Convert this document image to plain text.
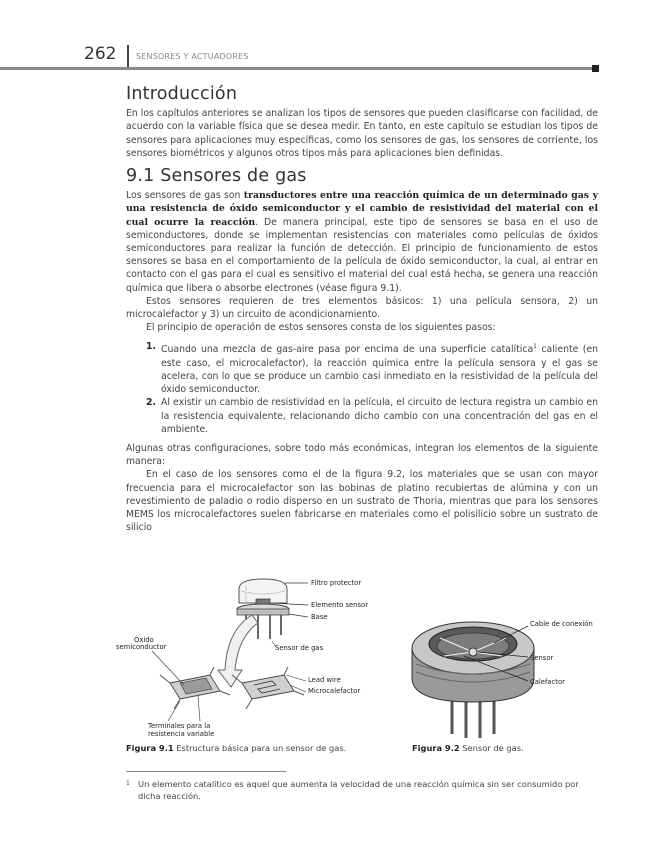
262 SENSORES Y ACTUADORES
Introducción

En los capítulos anteriores se analizan los tipos de sensores que pueden clasificarse con facilidad, de acuerdo con la variable física que se desea medir. En tanto, en este capítulo se estudian los tipos de sensores para aplicaciones muy específicas, como los sensores de gas, los sensores de corriente, los sensores biométricos y algunos otros tipos más para aplicaciones bien definidas.

9.1 Sensores de gas

Los sensores de gas son transductores entre una reacción química de un determinado gas y una resistencia de óxido semiconductor y el cambio de resistividad del material con el cual ocurre la reacción. De manera principal, este tipo de sensores se basa en el uso de semiconductores, donde se implementan resistencias con materiales como películas de óxidos semiconductores para realizar la función de detección. El principio de funcionamiento de estos sensores se basa en el comportamiento de la película de óxido semiconductor, la cual, al entrar en contacto con el gas para el cual es sensitivo el material del cual está hecha, se genera una reacción química que libera o absorbe electrones (véase figura 9.1).

Estos sensores requieren de tres elementos básicos: 1) una película sensora, 2) un microcalefactor y 3) un circuito de acondicionamiento.

El principio de operación de estos sensores consta de los siguientes pasos:

1. Cuando una mezcla de gas-aire pasa por encima de una superficie catalítica$^1$ caliente (en este caso, el microcalefactor), la reacción química entre la película sensora y el gas se acelera, con lo que se produce un cambio casi inmediato en la resistividad de la película del óxido semiconductor.
2. Al existir un cambio de resistividad en la película, el circuito de lectura registra un cambio en la resistencia equivalente, relacionando dicho cambio con una concentración del gas en el ambiente.

Algunas otras configuraciones, sobre todo más económicas, integran los elementos de la siguiente manera:

En el caso de los sensores como el de la figura 9.2, los materiales que se usan con mayor frecuencia para el microcalefactor son las bobinas de platino recubiertas de alúmina y con un revestimiento de paladio o rodio disperso en un sustrato de Thoria, mientras que para los sensores MEMS los microcalefactores suelen fabricarse en materiales como el polisilicio sobre un sustrato de silicio

Filtro protector
Elemento sensor
Base
Óxido
semiconductor	Sensor de gas
Lead wire
Microcalefactor
Terminales para la
resistencia variable
Figura 9.1 Estructura básica para un sensor de gas.
Cable de conexión
Sensor
Calefactor
Figura 9.2 Sensor de gas.
1 Un elemento catalítico es aquel que aumenta la velocidad de una reacción química sin ser consumido por dicha reacción.
